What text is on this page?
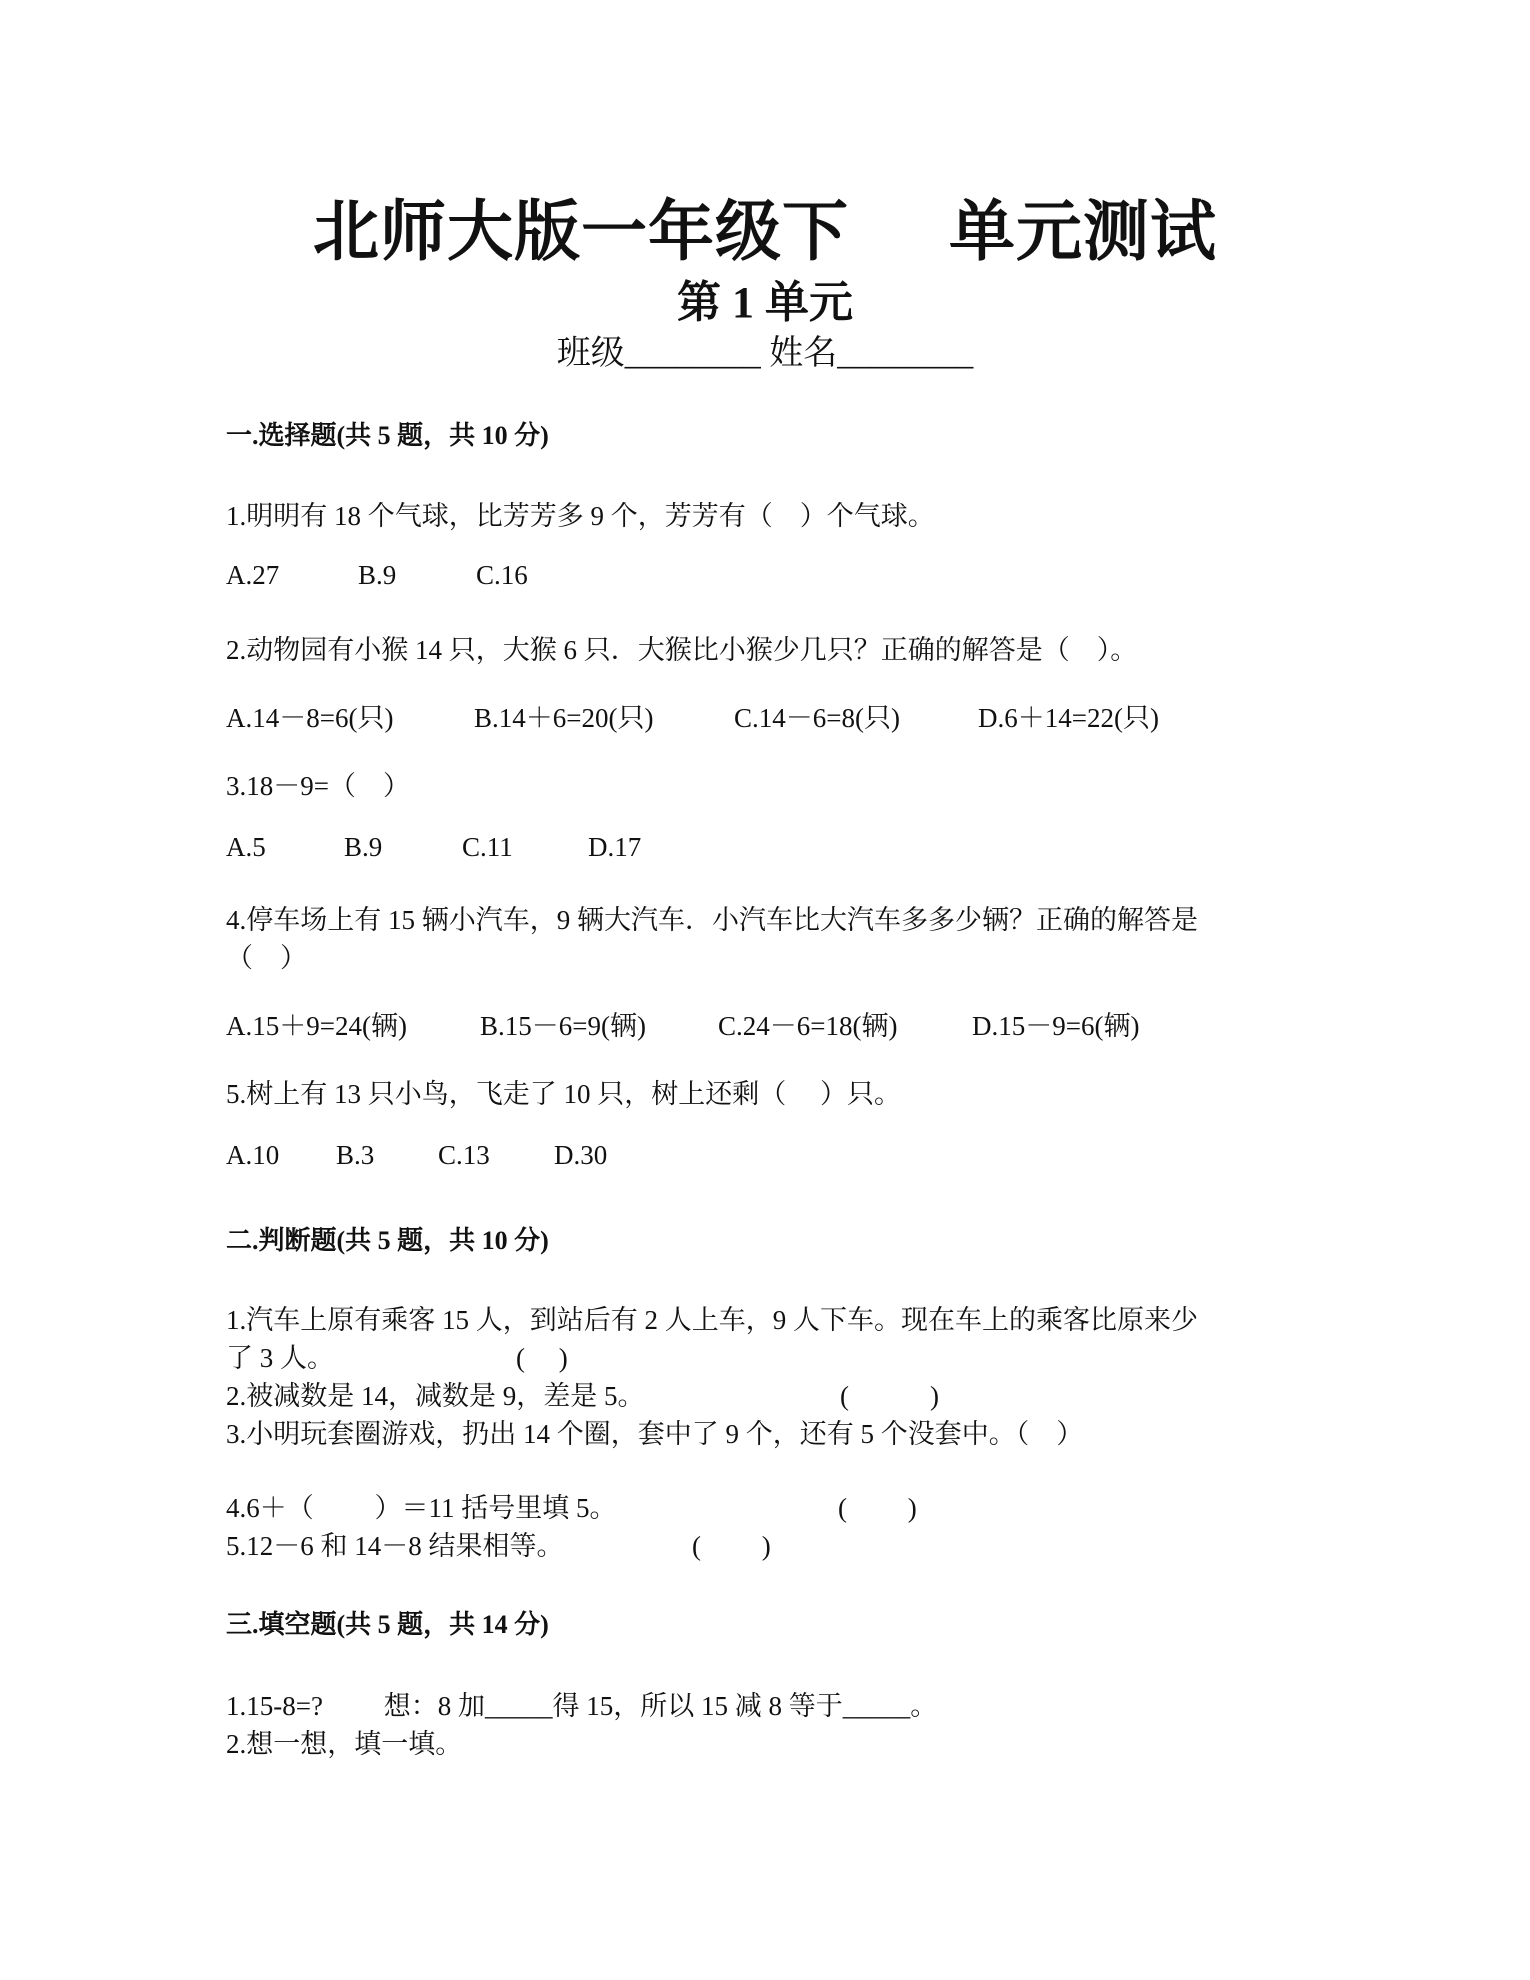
北师大版一年级下 单元测试
第 1 单元
班级________ 姓名________
一.选择题(共 5 题，共 10 分)
1.明明有 18 个气球，比芳芳多 9 个，芳芳有（　）个气球。
A.27	B.9	C.16
2.动物园有小猴 14 只，大猴 6 只．大猴比小猴少几只？正确的解答是（　）。
A.14－8=6(只)	B.14＋6=20(只)	C.14－6=8(只)	D.6＋14=22(只)
3.18－9=（　）
A.5	B.9	C.11	D.17
4.停车场上有 15 辆小汽车，9 辆大汽车．小汽车比大汽车多多少辆？正确的解答是
（　）
A.15＋9=24(辆)	B.15－6=9(辆)	C.24－6=18(辆)	D.15－9=6(辆)
5.树上有 13 只小鸟，飞走了 10 只，树上还剩（　 ）只。
A.10 B.3 C.13 D.30
二.判断题(共 5 题，共 10 分)
1.汽车上原有乘客 15 人，到站后有 2 人上车，9 人下车。现在车上的乘客比原来少
了 3 人。	(　 )
2.被减数是 14，减数是 9，差是 5。	(　　　)
3.小明玩套圈游戏，扔出 14 个圈，套中了 9 个，还有 5 个没套中。（　）
4.6＋（　　 ）＝11 括号里填 5。	(　　 )
5.12－6 和 14－8 结果相等。	(　　 )
三.填空题(共 5 题，共 14 分)
1.15-8=?　　 想：8 加_____得 15，所以 15 减 8 等于_____。
2.想一想，填一填。
